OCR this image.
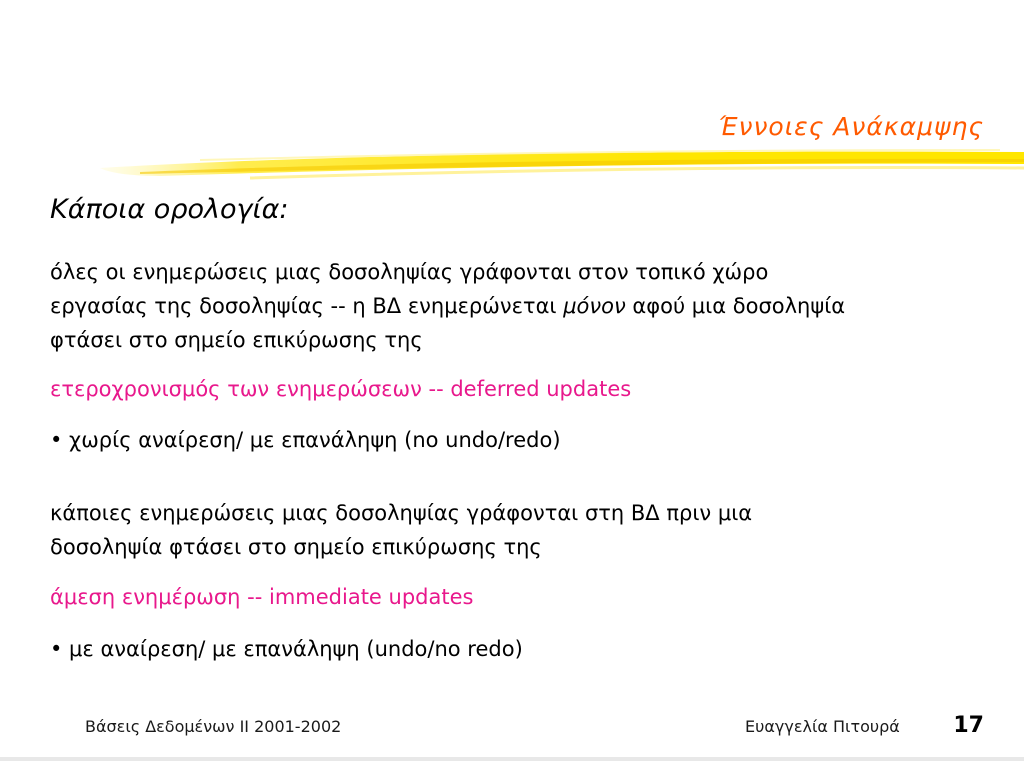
Έννοιες Ανάκαμψης
Κάποια ορολογία:
όλες οι ενημερώσεις μιας δοσοληψίας γράφονται στον τοπικό χώρο
εργασίας της δοσοληψίας -- η ΒΔ ενημερώνεται μόνον αφού μια δοσοληψία
φτάσει στο σημείο επικύρωσης της
ετεροχρονισμός των ενημερώσεων -- deferred updates
• χωρίς αναίρεση/ με επανάληψη (no undo/redo)
κάποιες ενημερώσεις μιας δοσοληψίας γράφονται στη ΒΔ πριν μια
δοσοληψία φτάσει στο σημείο επικύρωσης της
άμεση ενημέρωση -- immediate updates
• με αναίρεση/ με επανάληψη (undo/no redo)
Βάσεις Δεδομένων ΙΙ 2001-2002	Ευαγγελία Πιτουρά 17
